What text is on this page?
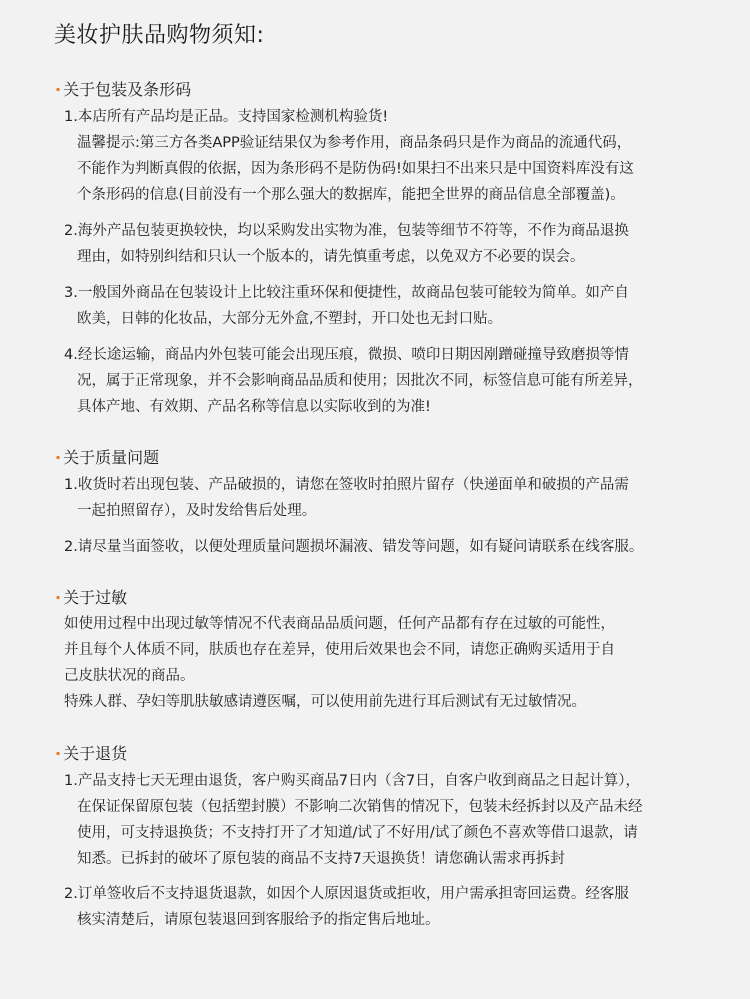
美妆护肤品购物须知:
· 关于包装及条形码
1.本店所有产品均是正品。支持国家检测机构验货!
温馨提示:第三方各类APP验证结果仅为参考作用，商品条码只是作为商品的流通代码，
不能作为判断真假的依据，因为条形码不是防伪码!如果扫不出来只是中国资料库没有这
个条形码的信息(目前没有一个那么强大的数据库，能把全世界的商品信息全部覆盖)。
2.海外产品包装更换较快，均以采购发出实物为准，包装等细节不符等，不作为商品退换
理由，如特别纠结和只认一个版本的，请先慎重考虑，以免双方不必要的误会。
3.一般国外商品在包装设计上比较注重环保和便捷性，故商品包装可能较为简单。如产自
欧美，日韩的化妆品，大部分无外盒,不塑封，开口处也无封口贴。
4.经长途运输，商品内外包装可能会出现压痕，微损、喷印日期因剐蹭碰撞导致磨损等情
况，属于正常现象，并不会影响商品品质和使用；因批次不同，标签信息可能有所差异，
具体产地、有效期、产品名称等信息以实际收到的为准!
· 关于质量问题
1.收货时若出现包装、产品破损的，请您在签收时拍照片留存（快递面单和破损的产品需
一起拍照留存），及时发给售后处理。
2.请尽量当面签收，以便处理质量问题损坏漏液、错发等问题，如有疑问请联系在线客服。
· 关于过敏
如使用过程中出现过敏等情况不代表商品品质问题，任何产品都有存在过敏的可能性，
并且每个人体质不同，肤质也存在差异，使用后效果也会不同，请您正确购买适用于自
己皮肤状况的商品。
特殊人群、孕妇等肌肤敏感请遵医嘱，可以使用前先进行耳后测试有无过敏情况。
· 关于退货
1.产品支持七天无理由退货，客户购买商品7日内（含7日，自客户收到商品之日起计算），
在保证保留原包装（包括塑封膜）不影响二次销售的情况下，包装未经拆封以及产品未经
使用，可支持退换货；不支持打开了才知道/试了不好用/试了颜色不喜欢等借口退款，请
知悉。已拆封的破坏了原包装的商品不支持7天退换货！请您确认需求再拆封
2.订单签收后不支持退货退款，如因个人原因退货或拒收，用户需承担寄回运费。经客服
核实清楚后，请原包装退回到客服给予的指定售后地址。
